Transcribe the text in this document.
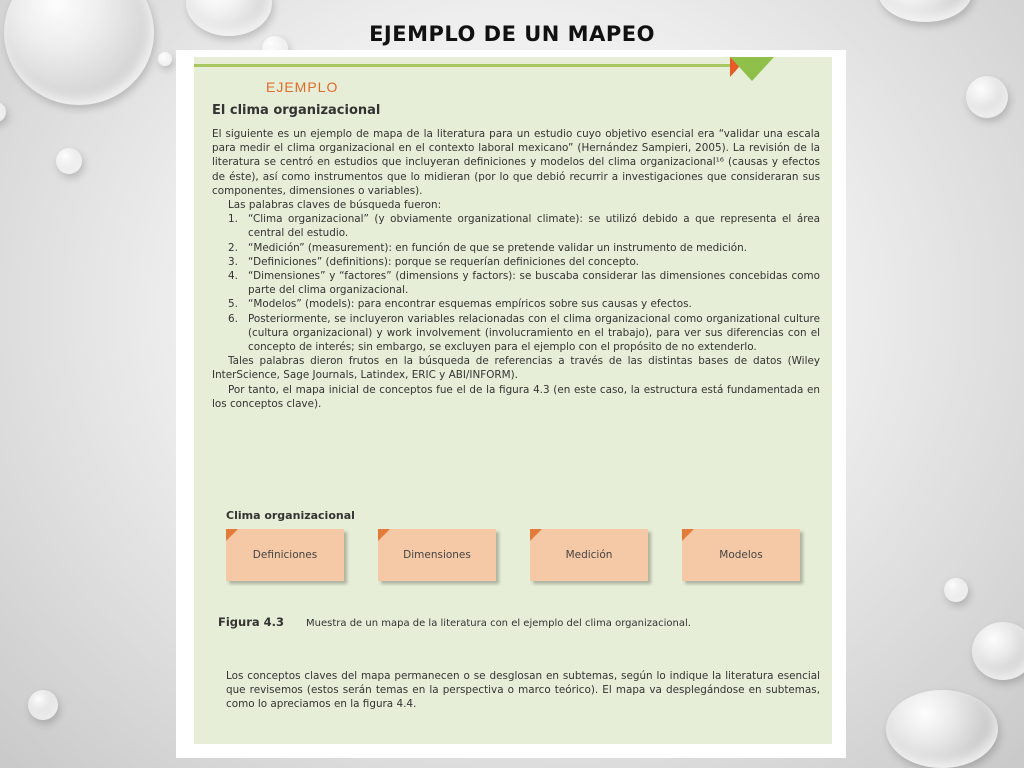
EJEMPLO DE UN MAPEO
EJEMPLO
El clima organizacional

El siguiente es un ejemplo de mapa de la literatura para un estudio cuyo objetivo esencial era “validar una escala para medir el clima organizacional en el contexto laboral mexicano” (Hernández Sampieri, 2005). La revisión de la literatura se centró en estudios que incluyeran definiciones y modelos del clima organizacional¹⁶ (causas y efectos de éste), así como instrumentos que lo midieran (por lo que debió recurrir a investigaciones que consideraran sus componentes, dimensiones o variables).

Las palabras claves de búsqueda fueron:

1. “Clima organizacional” (y obviamente organizational climate): se utilizó debido a que representa el área central del estudio.
2. “Medición” (measurement): en función de que se pretende validar un instrumento de medición.
3. “Definiciones” (definitions): porque se requerían definiciones del concepto.
4. “Dimensiones” y “factores” (dimensions y factors): se buscaba considerar las dimensiones concebidas como parte del clima organizacional.
5. “Modelos” (models): para encontrar esquemas empíricos sobre sus causas y efectos.
6. Posteriormente, se incluyeron variables relacionadas con el clima organizacional como organizational culture (cultura organizacional) y work involvement (involucramiento en el trabajo), para ver sus diferencias con el concepto de interés; sin embargo, se excluyen para el ejemplo con el propósito de no extenderlo.

Tales palabras dieron frutos en la búsqueda de referencias a través de las distintas bases de datos (Wiley InterScience, Sage Journals, Latindex, ERIC y ABI/INFORM).

Por tanto, el mapa inicial de conceptos fue el de la figura 4.3 (en este caso, la estructura está fundamentada en los conceptos clave).

Clima organizacional
Definiciones	Dimensiones	Medición	Modelos
Figura 4.3 Muestra de un mapa de la literatura con el ejemplo del clima organizacional.

Los conceptos claves del mapa permanecen o se desglosan en subtemas, según lo indique la literatura esencial que revisemos (estos serán temas en la perspectiva o marco teórico). El mapa va desplegándose en subtemas, como lo apreciamos en la figura 4.4.
